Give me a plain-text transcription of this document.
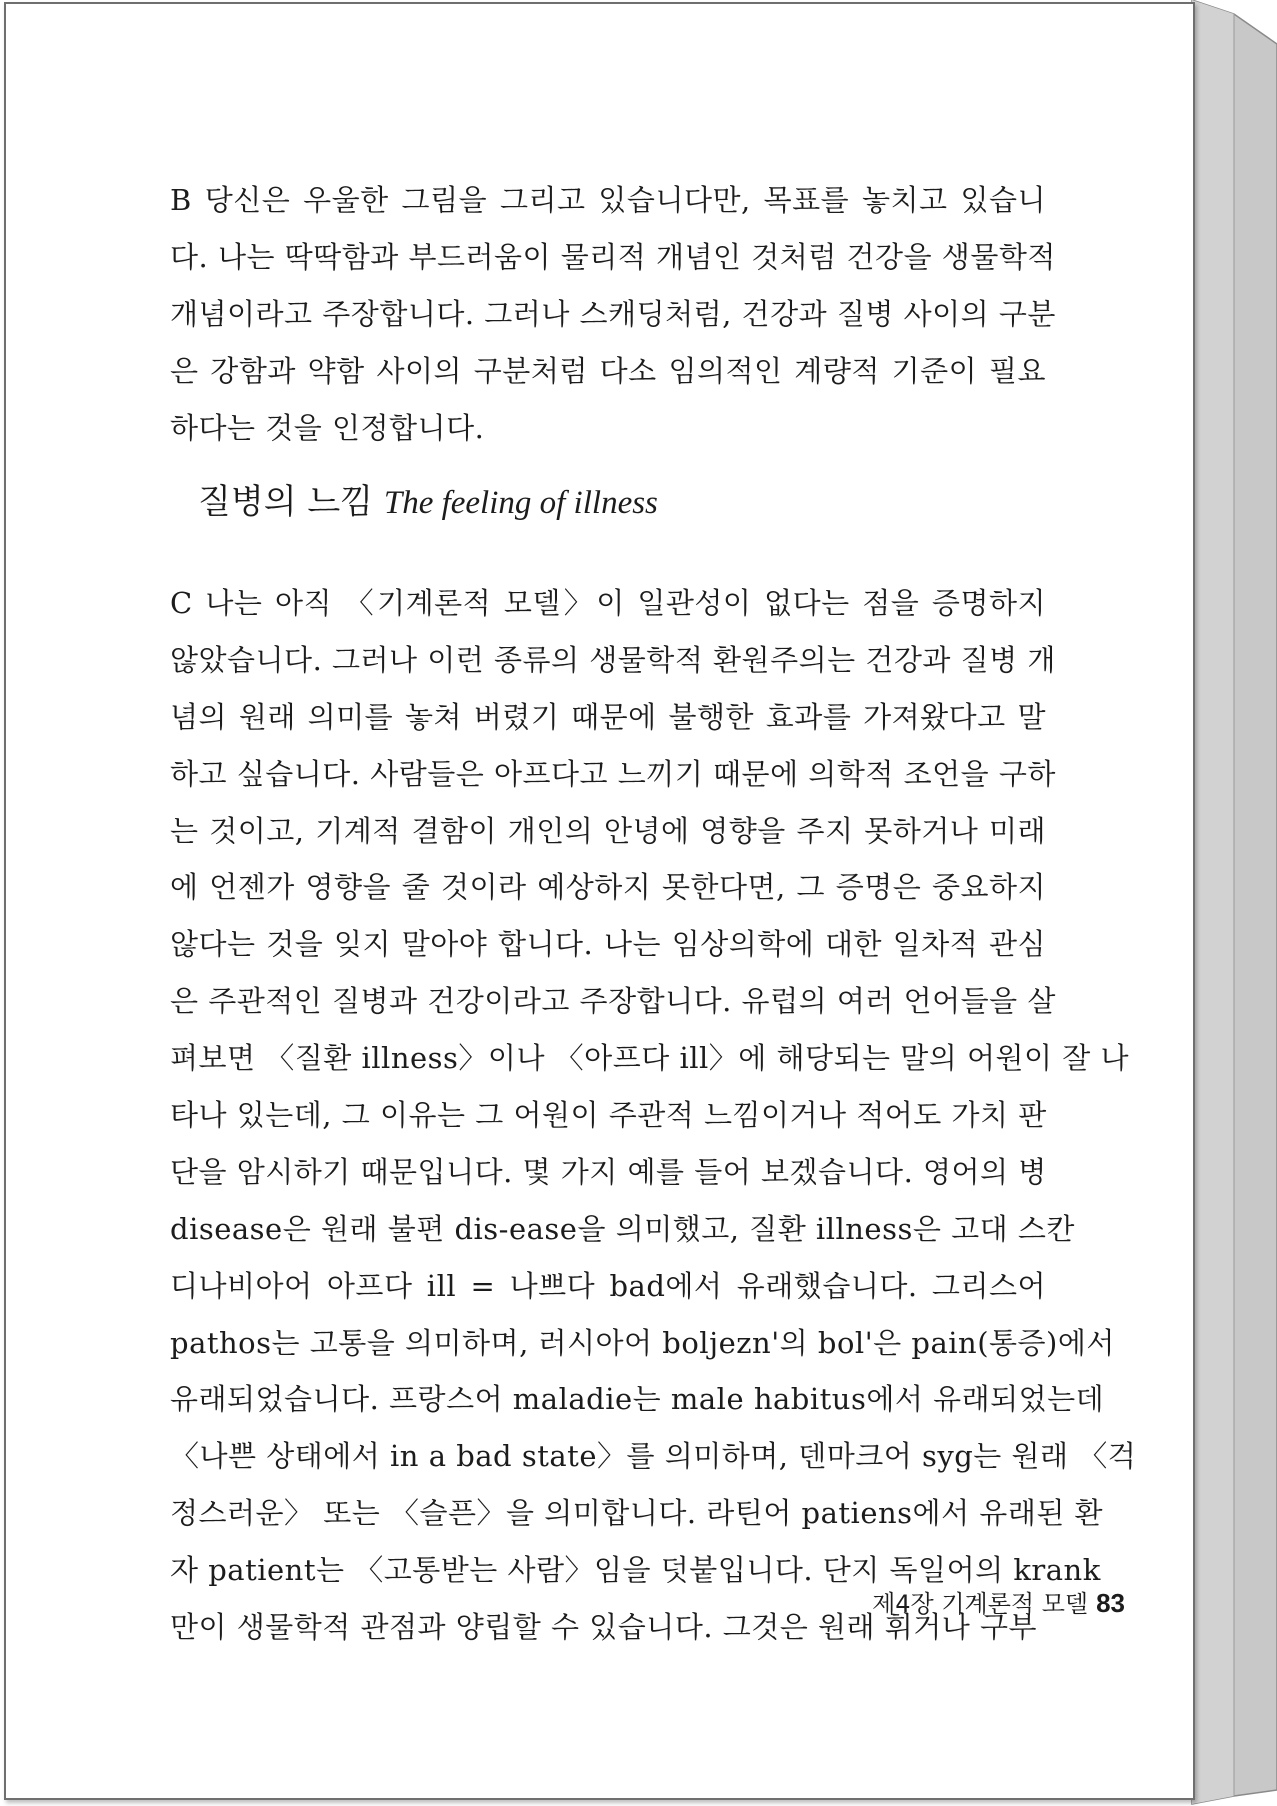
B 당신은 우울한 그림을 그리고 있습니다만, 목표를 놓치고 있습니
다. 나는 딱딱함과 부드러움이 물리적 개념인 것처럼 건강을 생물학적
개념이라고 주장합니다. 그러나 스캐딩처럼, 건강과 질병 사이의 구분
은 강함과 약함 사이의 구분처럼 다소 임의적인 계량적 기준이 필요
하다는 것을 인정합니다.
질병의 느낌 The feeling of illness
C 나는 아직 〈기계론적 모델〉이 일관성이 없다는 점을 증명하지
않았습니다. 그러나 이런 종류의 생물학적 환원주의는 건강과 질병 개
념의 원래 의미를 놓쳐 버렸기 때문에 불행한 효과를 가져왔다고 말
하고 싶습니다. 사람들은 아프다고 느끼기 때문에 의학적 조언을 구하
는 것이고, 기계적 결함이 개인의 안녕에 영향을 주지 못하거나 미래
에 언젠가 영향을 줄 것이라 예상하지 못한다면, 그 증명은 중요하지
않다는 것을 잊지 말아야 합니다. 나는 임상의학에 대한 일차적 관심
은 주관적인 질병과 건강이라고 주장합니다. 유럽의 여러 언어들을 살
펴보면 〈질환 illness〉이나 〈아프다 ill〉에 해당되는 말의 어원이 잘 나
타나 있는데, 그 이유는 그 어원이 주관적 느낌이거나 적어도 가치 판
단을 암시하기 때문입니다. 몇 가지 예를 들어 보겠습니다. 영어의 병
disease은 원래 불편 dis-ease을 의미했고, 질환 illness은 고대 스칸
디나비아어 아프다 ill = 나쁘다 bad에서 유래했습니다. 그리스어
pathos는 고통을 의미하며, 러시아어 boljezn'의 bol'은 pain(통증)에서
유래되었습니다. 프랑스어 maladie는 male habitus에서 유래되었는데
〈나쁜 상태에서 in a bad state〉를 의미하며, 덴마크어 syg는 원래 〈걱
정스러운〉 또는 〈슬픈〉을 의미합니다. 라틴어 patiens에서 유래된 환
자 patient는 〈고통받는 사람〉임을 덧붙입니다. 단지 독일어의 krank
만이 생물학적 관점과 양립할 수 있습니다. 그것은 원래 휘거나 구부
제4장 기계론적 모델 83
